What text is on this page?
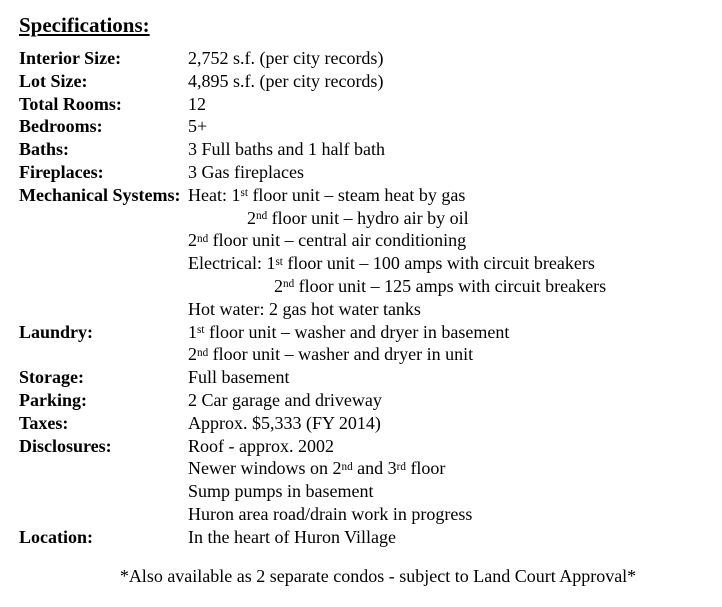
Specifications:
Interior Size:	2,752 s.f. (per city records)
Lot Size:	4,895 s.f. (per city records)
Total Rooms:	12
Bedrooms:	5+
Baths:	3 Full baths and 1 half bath
Fireplaces:	3 Gas fireplaces
Mechanical Systems: Heat: 1st floor unit – steam heat by gas
2nd floor unit – hydro air by oil
2nd floor unit – central air conditioning
Electrical: 1st floor unit – 100 amps with circuit breakers
2nd floor unit – 125 amps with circuit breakers
Hot water: 2 gas hot water tanks
Laundry:	1st floor unit – washer and dryer in basement
2nd floor unit – washer and dryer in unit
Storage:	Full basement
Parking:	2 Car garage and driveway
Taxes:	Approx. $5,333 (FY 2014)
Disclosures:	Roof - approx. 2002
Newer windows on 2nd and 3rd floor
Sump pumps in basement
Huron area road/drain work in progress
Location:	In the heart of Huron Village
*Also available as 2 separate condos - subject to Land Court Approval*
